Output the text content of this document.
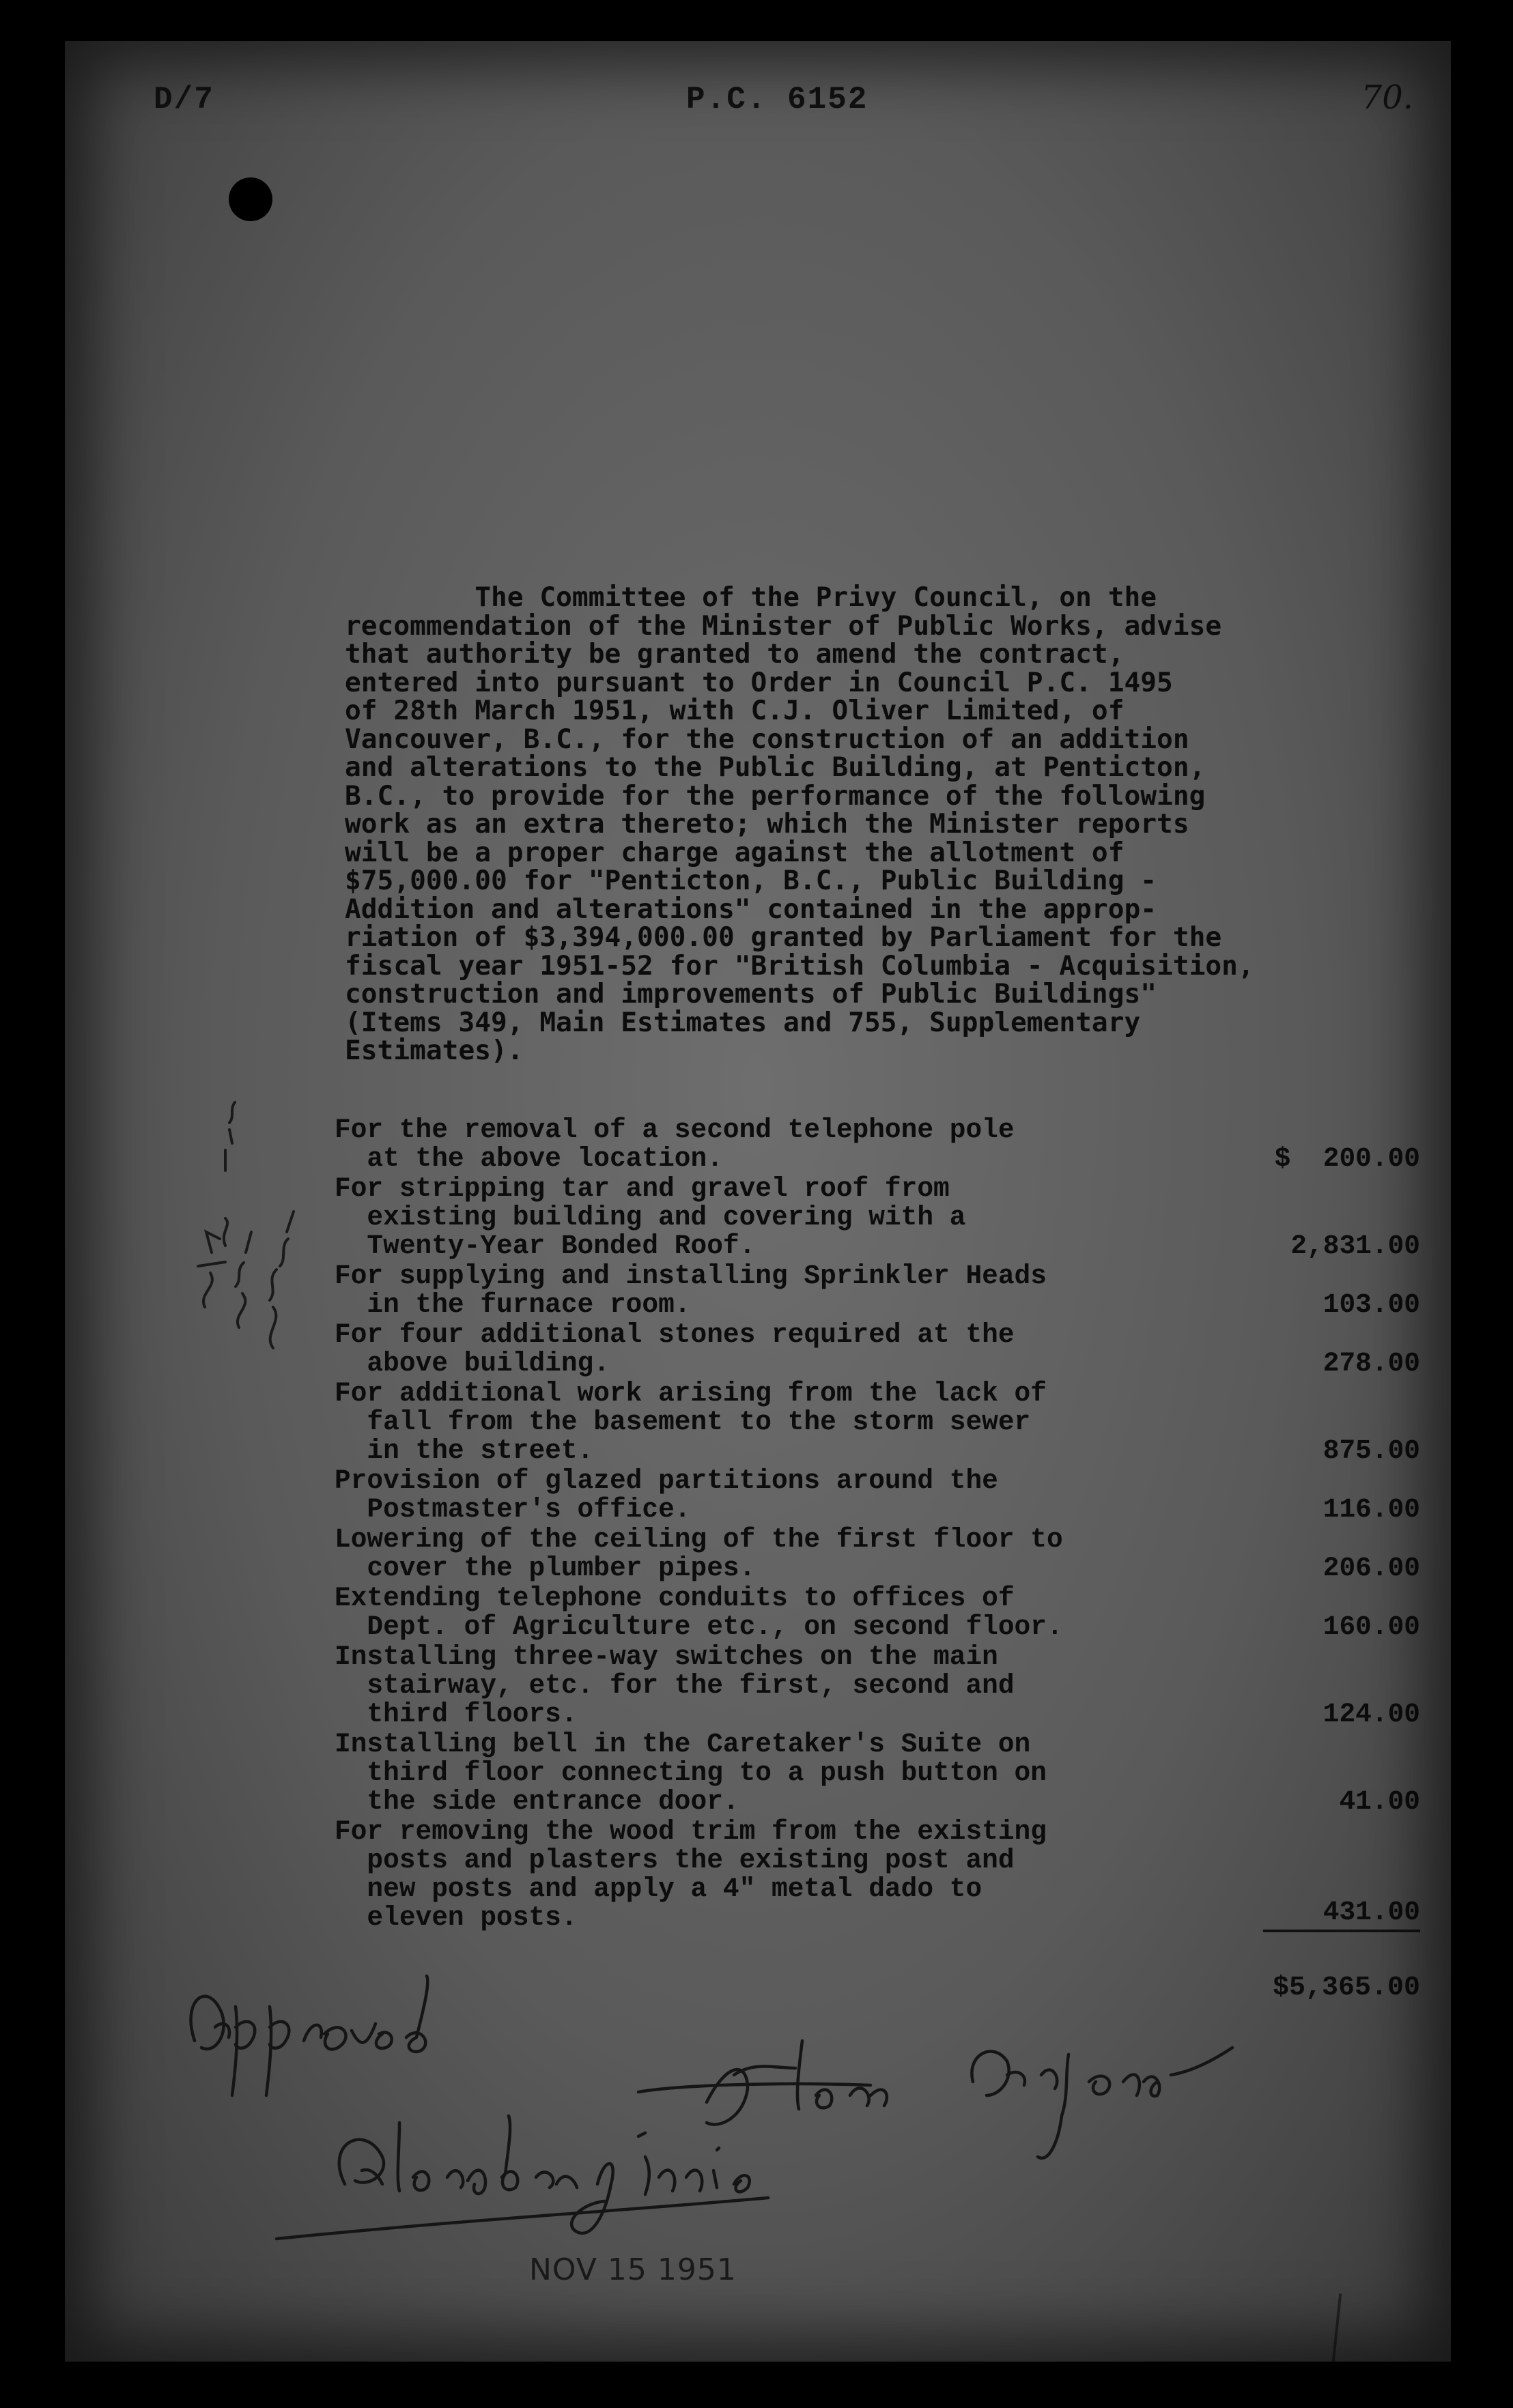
D/7	P.C. 6152	70.
The Committee of the Privy Council, on the
recommendation of the Minister of Public Works, advise
that authority be granted to amend the contract,
entered into pursuant to Order in Council P.C. 1495
of 28th March 1951, with C.J. Oliver Limited, of
Vancouver, B.C., for the construction of an addition
and alterations to the Public Building, at Penticton,
B.C., to provide for the performance of the following
work as an extra thereto; which the Minister reports
will be a proper charge against the allotment of
$75,000.00 for "Penticton, B.C., Public Building -
Addition and alterations" contained in the approp-
riation of $3,394,000.00 granted by Parliament for the
fiscal year 1951-52 for "British Columbia - Acquisition,
construction and improvements of Public Buildings"
(Items 349, Main Estimates and 755, Supplementary
Estimates).
For the removal of a second telephone pole
at the above location.	$  200.00
For stripping tar and gravel roof from
existing building and covering with a
Twenty-Year Bonded Roof.	2,831.00
For supplying and installing Sprinkler Heads
in the furnace room.	103.00
For four additional stones required at the
above building.	278.00
For additional work arising from the lack of
fall from the basement to the storm sewer
in the street.	875.00
Provision of glazed partitions around the
Postmaster's office.	116.00
Lowering of the ceiling of the first floor to
cover the plumber pipes.	206.00
Extending telephone conduits to offices of
Dept. of Agriculture etc., on second floor.	160.00
Installing three-way switches on the main
stairway, etc. for the first, second and
third floors.	124.00
Installing bell in the Caretaker's Suite on
third floor connecting to a push button on
the side entrance door.	41.00
For removing the wood trim from the existing
posts and plasters the existing post and
new posts and apply a 4" metal dado to
eleven posts.	431.00
$5,365.00
NOV 15 1951
